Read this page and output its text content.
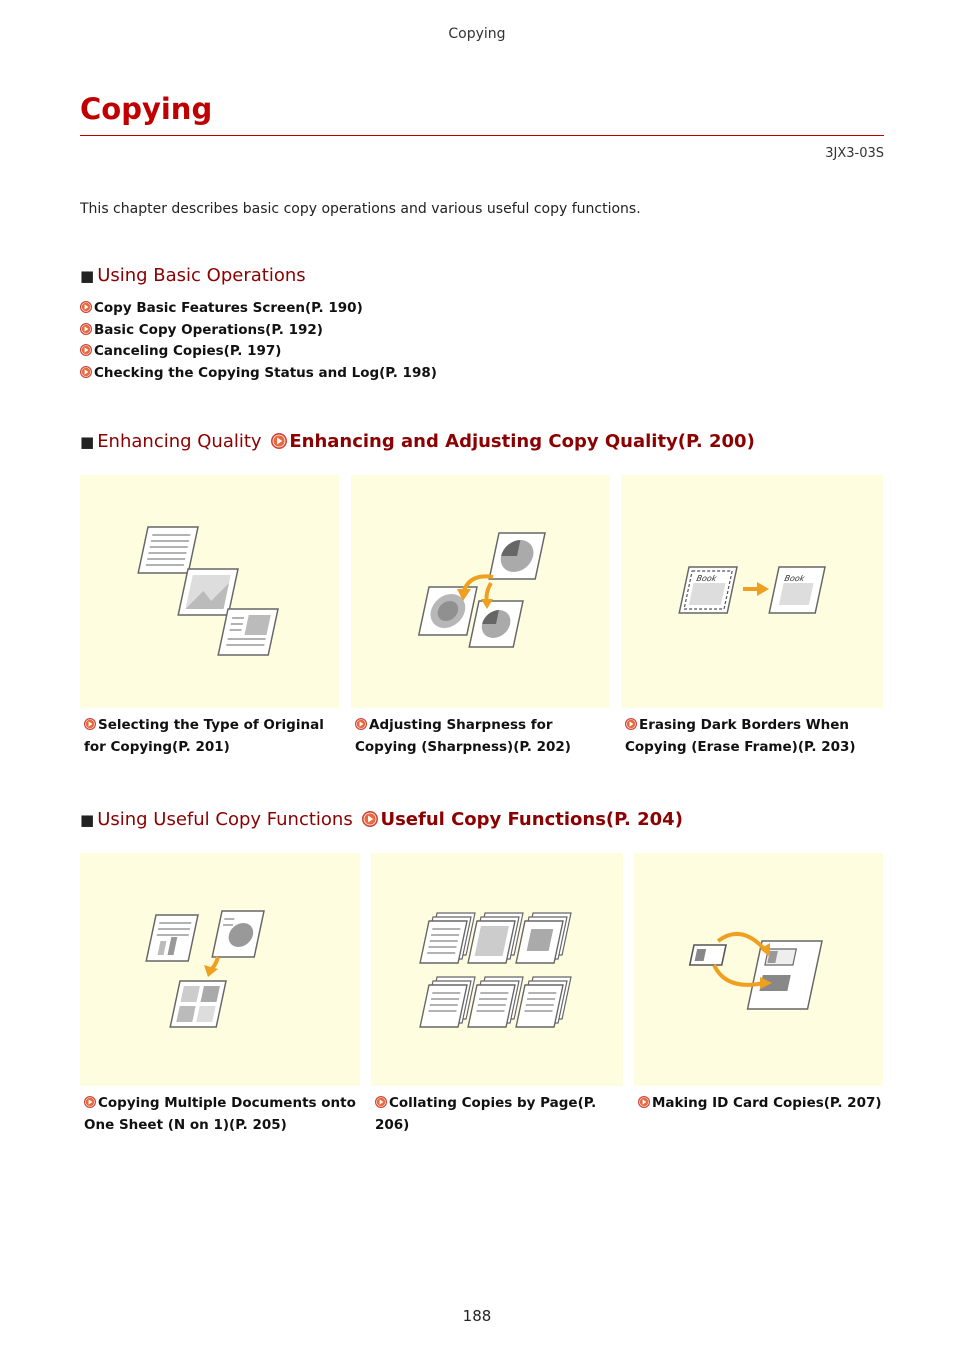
Copying
Copying
3JX3-03S
This chapter describes basic copy operations and various useful copy functions.
■ Using Basic Operations
Copy Basic Features Screen(P. 190)
Basic Copy Operations(P. 192)
Canceling Copies(P. 197)
Checking the Copying Status and Log(P. 198)
■ Enhancing Quality Enhancing and Adjusting Copy Quality(P. 200)
Book	Book
Selecting the Type of Original for Copying(P. 201)
Adjusting Sharpness for Copying (Sharpness)(P. 202)
Erasing Dark Borders When Copying (Erase Frame)(P. 203)
■ Using Useful Copy Functions Useful Copy Functions(P. 204)
Copying Multiple Documents onto One Sheet (N on 1)(P. 205)
Collating Copies by Page(P. 206)
Making ID Card Copies(P. 207)
188
